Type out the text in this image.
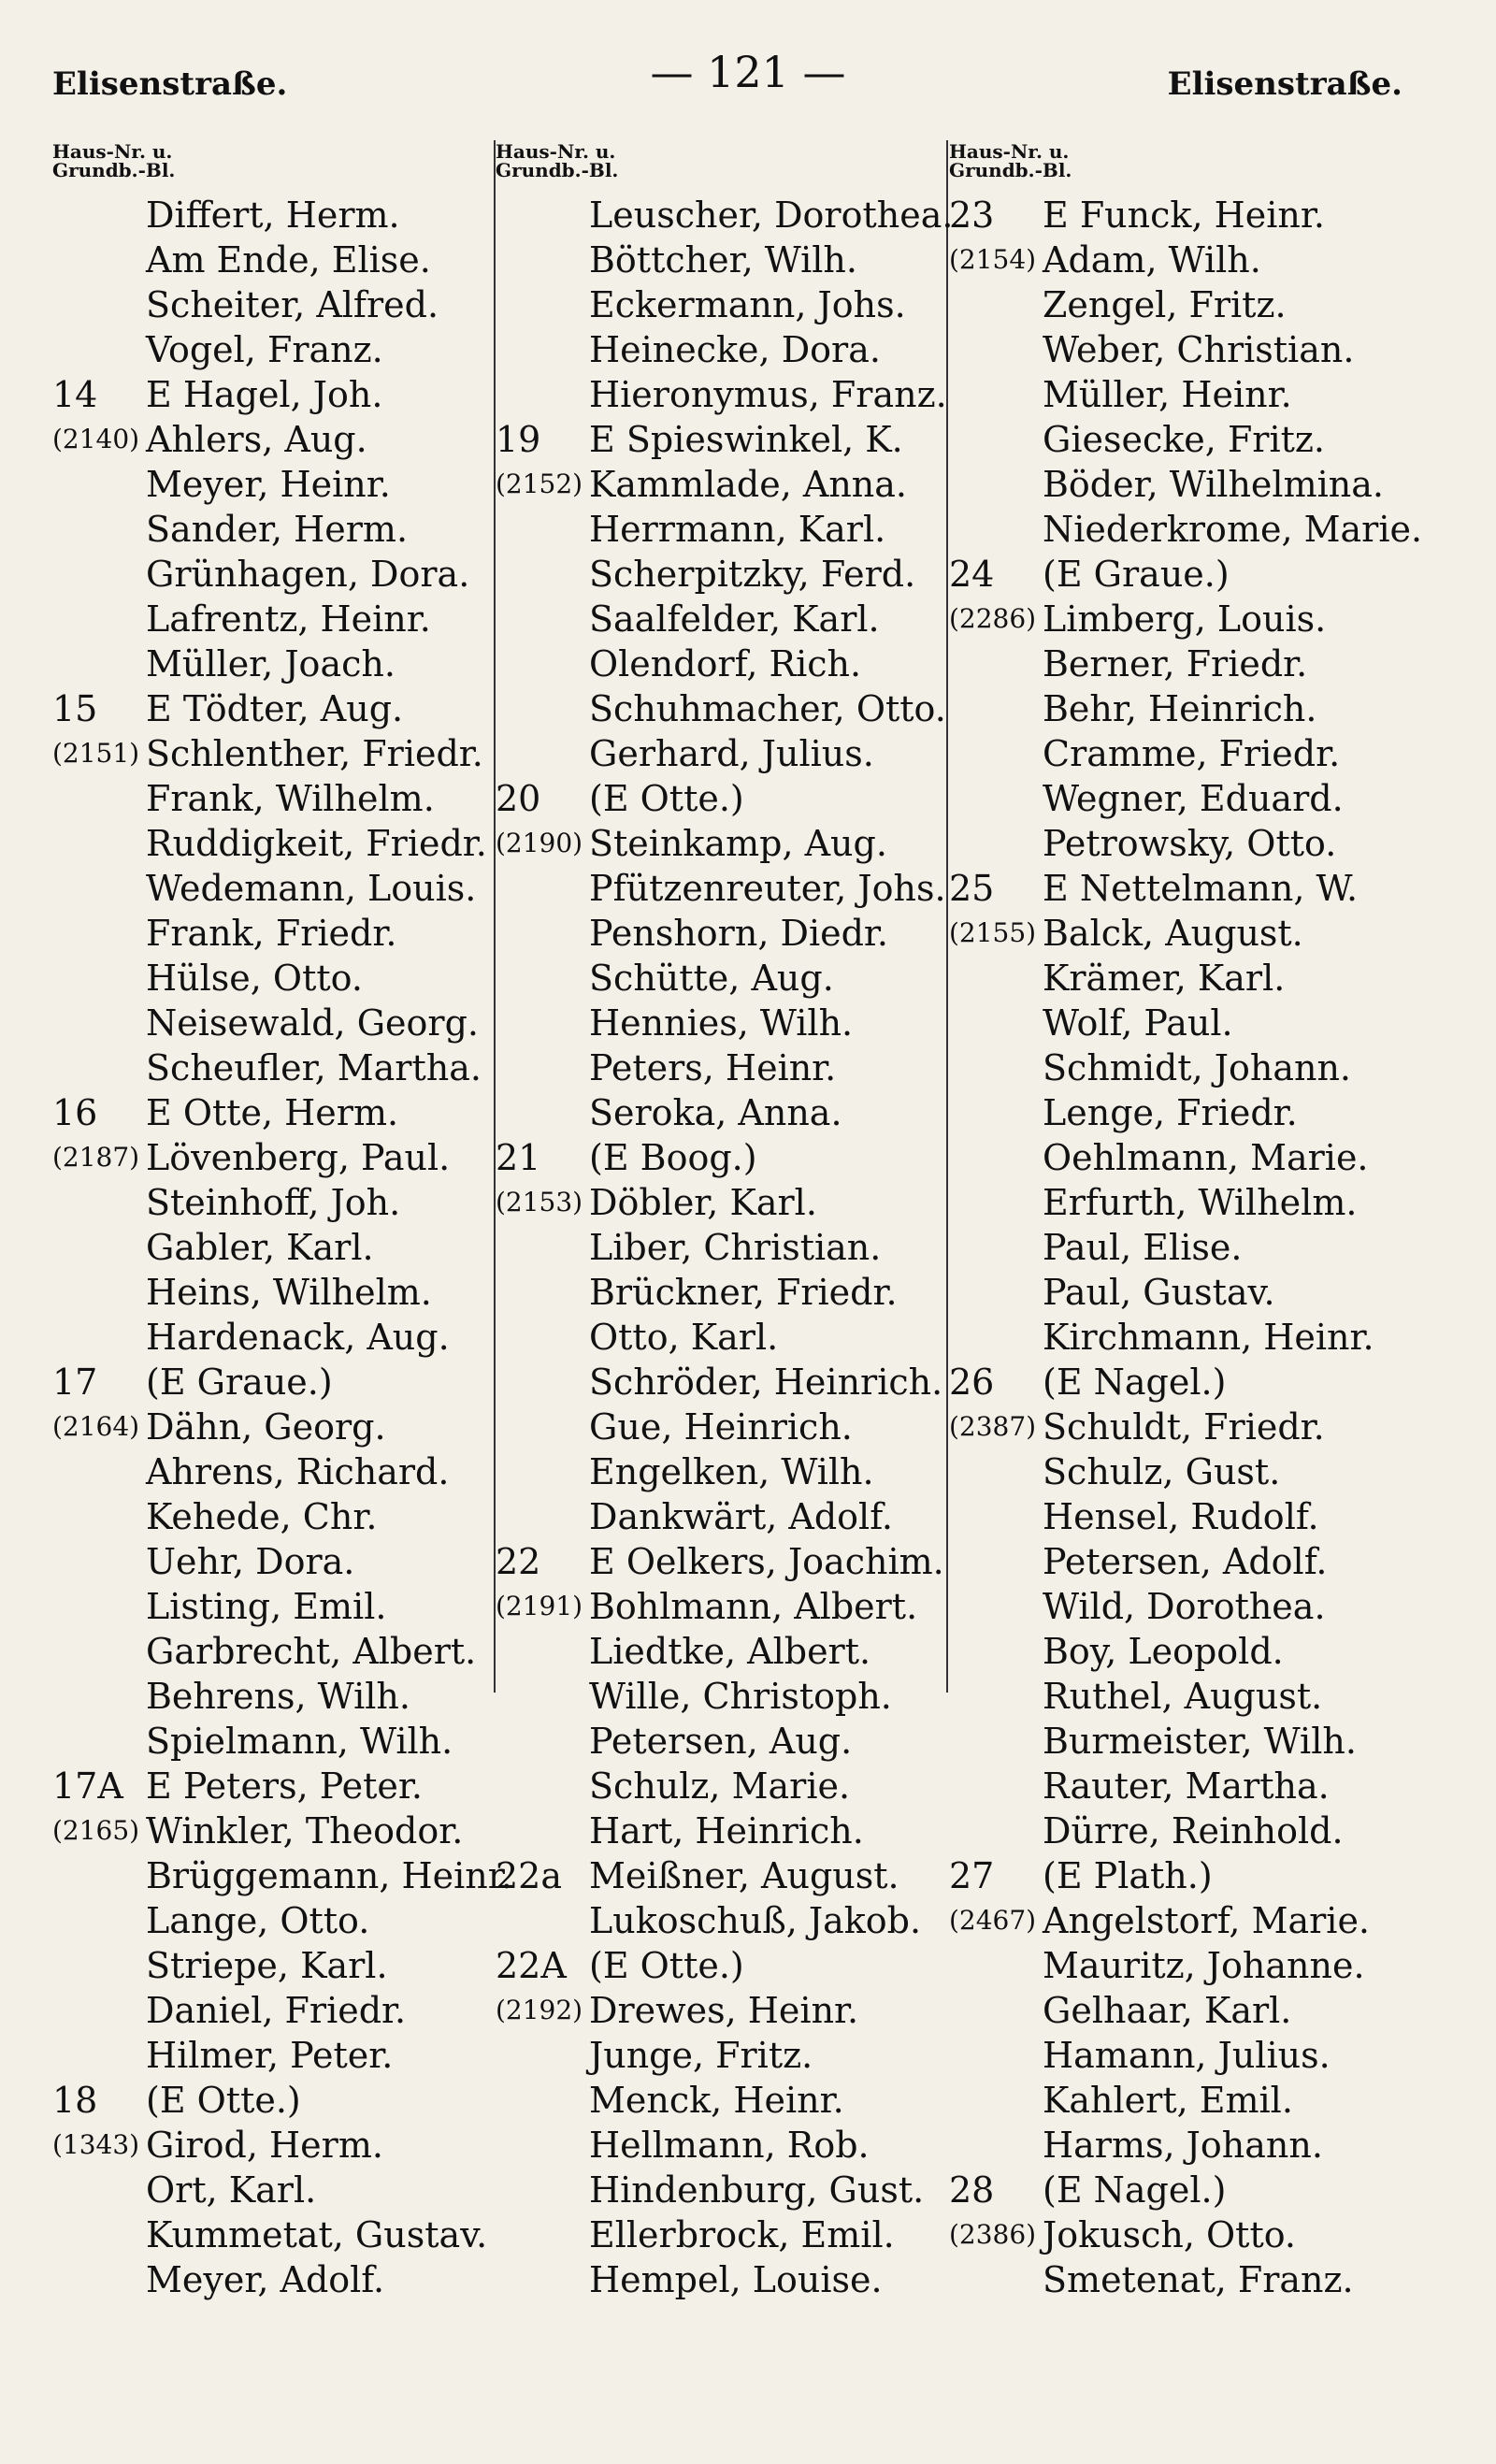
Elisenstraße.	— 121 —	Elisenstraße.
Haus-Nr. u.
Grundb.-Bl.
Differt, Herm.
Am Ende, Elise.
Scheiter, Alfred.
Vogel, Franz.
14 E Hagel, Joh.
(2140) Ahlers, Aug.
Meyer, Heinr.
Sander, Herm.
Grünhagen, Dora.
Lafrentz, Heinr.
Müller, Joach.
15 E Tödter, Aug.
(2151) Schlenther, Friedr.
Frank, Wilhelm.
Ruddigkeit, Friedr.
Wedemann, Louis.
Frank, Friedr.
Hülse, Otto.
Neisewald, Georg.
Scheufler, Martha.
16 E Otte, Herm.
(2187) Lövenberg, Paul.
Steinhoff, Joh.
Gabler, Karl.
Heins, Wilhelm.
Hardenack, Aug.
17 (E Graue.)
(2164) Dähn, Georg.
Ahrens, Richard.
Kehede, Chr.
Uehr, Dora.
Listing, Emil.
Garbrecht, Albert.
Behrens, Wilh.
Spielmann, Wilh.
17A E Peters, Peter.
(2165) Winkler, Theodor.
Brüggemann, Heinr.
Lange, Otto.
Striepe, Karl.
Daniel, Friedr.
Hilmer, Peter.
18 (E Otte.)
(1343) Girod, Herm.
Ort, Karl.
Kummetat, Gustav.
Meyer, Adolf.
Haus-Nr. u.
Grundb.-Bl.
Leuscher, Dorothea.
Böttcher, Wilh.
Eckermann, Johs.
Heinecke, Dora.
Hieronymus, Franz.
19 E Spieswinkel, K.
(2152) Kammlade, Anna.
Herrmann, Karl.
Scherpitzky, Ferd.
Saalfelder, Karl.
Olendorf, Rich.
Schuhmacher, Otto.
Gerhard, Julius.
20 (E Otte.)
(2190) Steinkamp, Aug.
Pfützenreuter, Johs.
Penshorn, Diedr.
Schütte, Aug.
Hennies, Wilh.
Peters, Heinr.
Seroka, Anna.
21 (E Boog.)
(2153) Döbler, Karl.
Liber, Christian.
Brückner, Friedr.
Otto, Karl.
Schröder, Heinrich.
Gue, Heinrich.
Engelken, Wilh.
Dankwärt, Adolf.
22 E Oelkers, Joachim.
(2191) Bohlmann, Albert.
Liedtke, Albert.
Wille, Christoph.
Petersen, Aug.
Schulz, Marie.
Hart, Heinrich.
22a Meißner, August.
Lukoschuß, Jakob.
22A (E Otte.)
(2192) Drewes, Heinr.
Junge, Fritz.
Menck, Heinr.
Hellmann, Rob.
Hindenburg, Gust.
Ellerbrock, Emil.
Hempel, Louise.
Haus-Nr. u.
Grundb.-Bl.
23 E Funck, Heinr.
(2154) Adam, Wilh.
Zengel, Fritz.
Weber, Christian.
Müller, Heinr.
Giesecke, Fritz.
Böder, Wilhelmina.
Niederkrome, Marie.
24 (E Graue.)
(2286) Limberg, Louis.
Berner, Friedr.
Behr, Heinrich.
Cramme, Friedr.
Wegner, Eduard.
Petrowsky, Otto.
25 E Nettelmann, W.
(2155) Balck, August.
Krämer, Karl.
Wolf, Paul.
Schmidt, Johann.
Lenge, Friedr.
Oehlmann, Marie.
Erfurth, Wilhelm.
Paul, Elise.
Paul, Gustav.
Kirchmann, Heinr.
26 (E Nagel.)
(2387) Schuldt, Friedr.
Schulz, Gust.
Hensel, Rudolf.
Petersen, Adolf.
Wild, Dorothea.
Boy, Leopold.
Ruthel, August.
Burmeister, Wilh.
Rauter, Martha.
Dürre, Reinhold.
27 (E Plath.)
(2467) Angelstorf, Marie.
Mauritz, Johanne.
Gelhaar, Karl.
Hamann, Julius.
Kahlert, Emil.
Harms, Johann.
28 (E Nagel.)
(2386) Jokusch, Otto.
Smetenat, Franz.
